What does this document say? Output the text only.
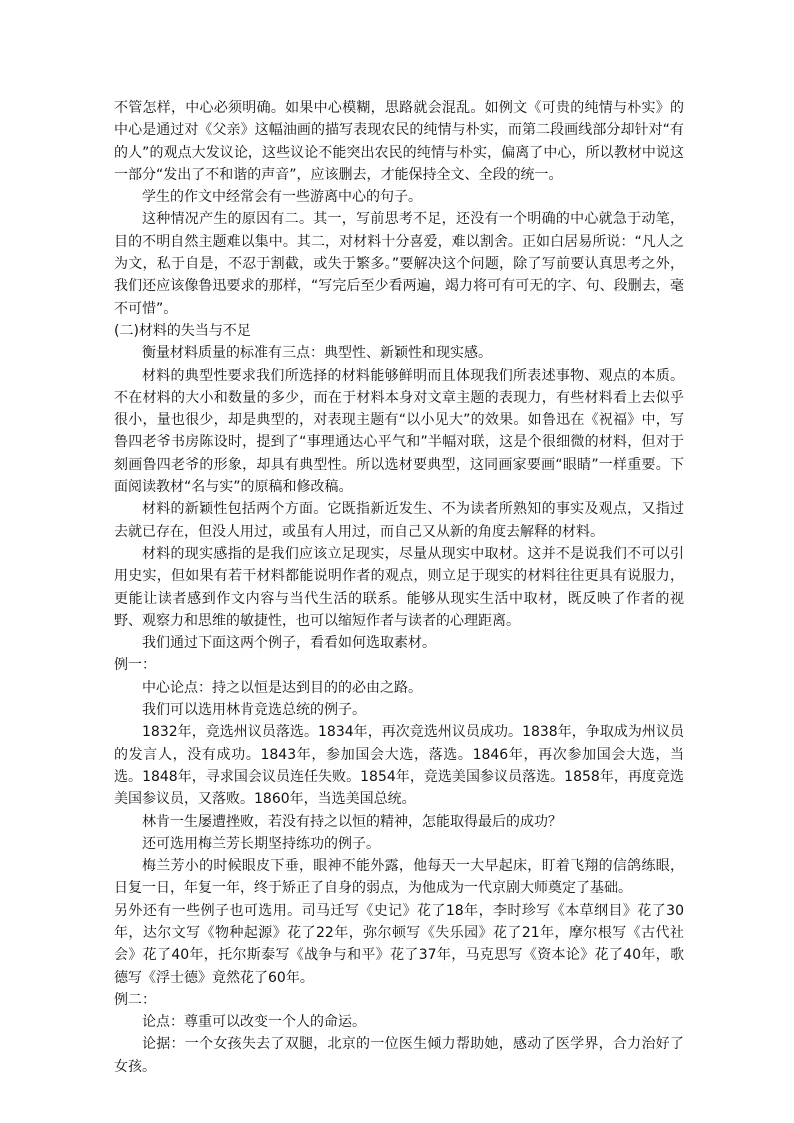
不管怎样，中心必须明确。如果中心模糊，思路就会混乱。如例文《可贵的纯情与朴实》的中心是通过对《父亲》这幅油画的描写表现农民的纯情与朴实，而第二段画线部分却针对“有的人”的观点大发议论，这些议论不能突出农民的纯情与朴实，偏离了中心，所以教材中说这一部分“发出了不和谐的声音”，应该删去，才能保持全文、全段的统一。

学生的作文中经常会有一些游离中心的句子。

这种情况产生的原因有二。其一，写前思考不足，还没有一个明确的中心就急于动笔，目的不明自然主题难以集中。其二，对材料十分喜爱，难以割舍。正如白居易所说：“凡人之为文，私于自是，不忍于割截，或失于繁多。”要解决这个问题，除了写前要认真思考之外，我们还应该像鲁迅要求的那样，“写完后至少看两遍，竭力将可有可无的字、句、段删去，毫不可惜”。

(二)材料的失当与不足

衡量材料质量的标准有三点：典型性、新颖性和现实感。

材料的典型性要求我们所选择的材料能够鲜明而且体现我们所表述事物、观点的本质。不在材料的大小和数量的多少，而在于材料本身对文章主题的表现力，有些材料看上去似乎很小，量也很少，却是典型的，对表现主题有“以小见大”的效果。如鲁迅在《祝福》中，写鲁四老爷书房陈设时，提到了“事理通达心平气和”半幅对联，这是个很细微的材料，但对于刻画鲁四老爷的形象，却具有典型性。所以选材要典型，这同画家要画“眼睛”一样重要。下面阅读教材“名与实”的原稿和修改稿。

材料的新颖性包括两个方面。它既指新近发生、不为读者所熟知的事实及观点，又指过去就已存在，但没人用过，或虽有人用过，而自己又从新的角度去解释的材料。

材料的现实感指的是我们应该立足现实，尽量从现实中取材。这并不是说我们不可以引用史实，但如果有若干材料都能说明作者的观点，则立足于现实的材料往往更具有说服力，更能让读者感到作文内容与当代生活的联系。能够从现实生活中取材，既反映了作者的视野、观察力和思维的敏捷性，也可以缩短作者与读者的心理距离。

我们通过下面这两个例子，看看如何选取素材。

例一：

中心论点：持之以恒是达到目的的必由之路。

我们可以选用林肯竞选总统的例子。

1832年，竞选州议员落选。1834年，再次竞选州议员成功。1838年，争取成为州议员的发言人，没有成功。1843年，参加国会大选，落选。1846年，再次参加国会大选，当选。1848年，寻求国会议员连任失败。1854年，竞选美国参议员落选。1858年，再度竞选美国参议员，又落败。1860年，当选美国总统。

林肯一生屡遭挫败，若没有持之以恒的精神，怎能取得最后的成功？

还可选用梅兰芳长期坚持练功的例子。

梅兰芳小的时候眼皮下垂，眼神不能外露，他每天一大早起床，盯着飞翔的信鸽练眼，日复一日，年复一年，终于矫正了自身的弱点，为他成为一代京剧大师奠定了基础。

另外还有一些例子也可选用。司马迁写《史记》花了18年，李时珍写《本草纲目》花了30年，达尔文写《物种起源》花了22年，弥尔顿写《失乐园》花了21年，摩尔根写《古代社会》花了40年，托尔斯泰写《战争与和平》花了37年，马克思写《资本论》花了40年，歌德写《浮士德》竟然花了60年。

例二：

论点：尊重可以改变一个人的命运。

论据：一个女孩失去了双腿，北京的一位医生倾力帮助她，感动了医学界，合力治好了女孩。
